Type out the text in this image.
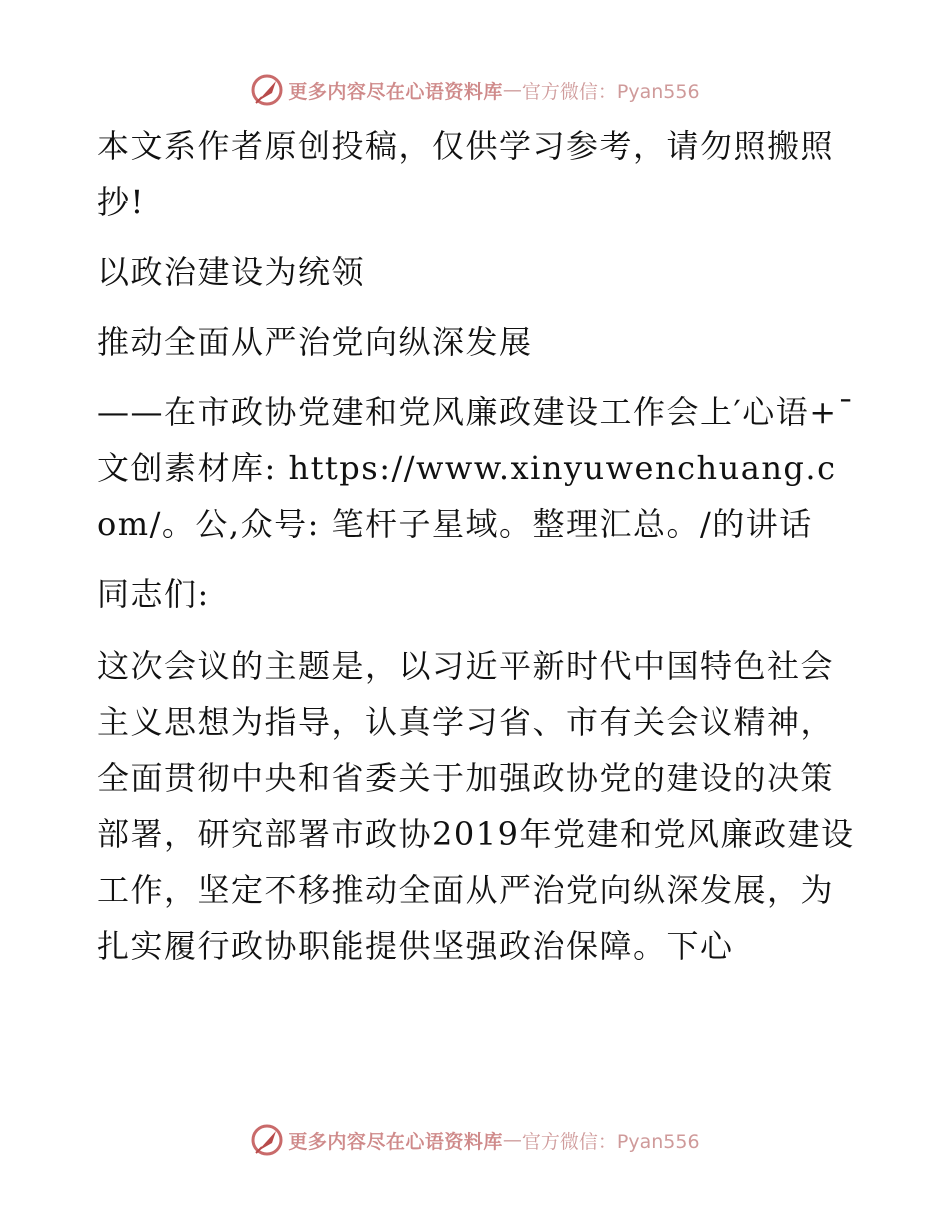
更多内容尽在心语资料库 — 官方微信：Pyan556

本文系作者原创投稿，仅供学习参考，请勿照搬照抄!

以政治建设为统领

推动全面从严治党向纵深发展

——在市政协党建和党风廉政建设工作会上′心语+¯文创素材库: https://www.xinyuwenchuang.com/。公,众号: 笔杆子星域。整理汇总。/的讲话

同志们:

这次会议的主题是，以习近平新时代中国特色社会主义思想为指导，认真学习省、市有关会议精神，全面贯彻中央和省委关于加强政协党的建设的决策部署，研究部署市政协2019年党建和党风廉政建设工作，坚定不移推动全面从严治党向纵深发展，为扎实履行政协职能提供坚强政治保障。下心

更多内容尽在心语资料库 — 官方微信：Pyan556
